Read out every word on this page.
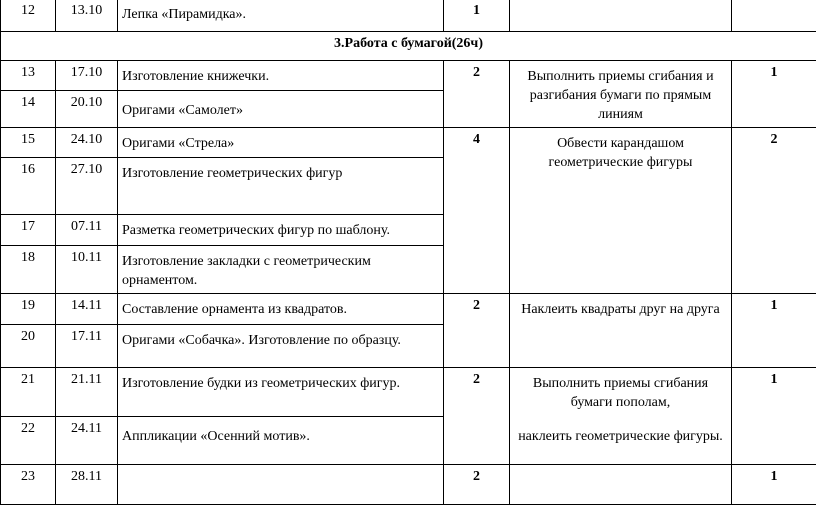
12	13.10	Лепка «Пирамидка».	1		
3.Работа с бумагой(26ч)					
13	17.10	Изготовление книжечки.	2	Выполнить приемы сгибания и разгибания бумаги по прямым линиям	1
14	20.10	Оригами «Самолет»			

15	24.10	Оригами «Стрела»	4	Обвести карандашом геометрические фигуры	2
16	27.10	Изготовление геометрических фигур			

17	07.11	Разметка геометрических фигур по шаблону.			

18	10.11	Изготовление закладки с геометрическим орнаментом.			

19	14.11	Составление орнамента из квадратов.	2	Наклеить квадраты друг на друга	1
20	17.11	Оригами «Собачка». Изготовление по образцу.			

21	21.11	Изготовление будки из геометрических фигур.	2	Выполнить приемы сгибания бумаги пополам,
наклеить геометрические фигуры.	1
22	24.11	Аппликации «Осенний мотив».			

23	28.11		2		1
